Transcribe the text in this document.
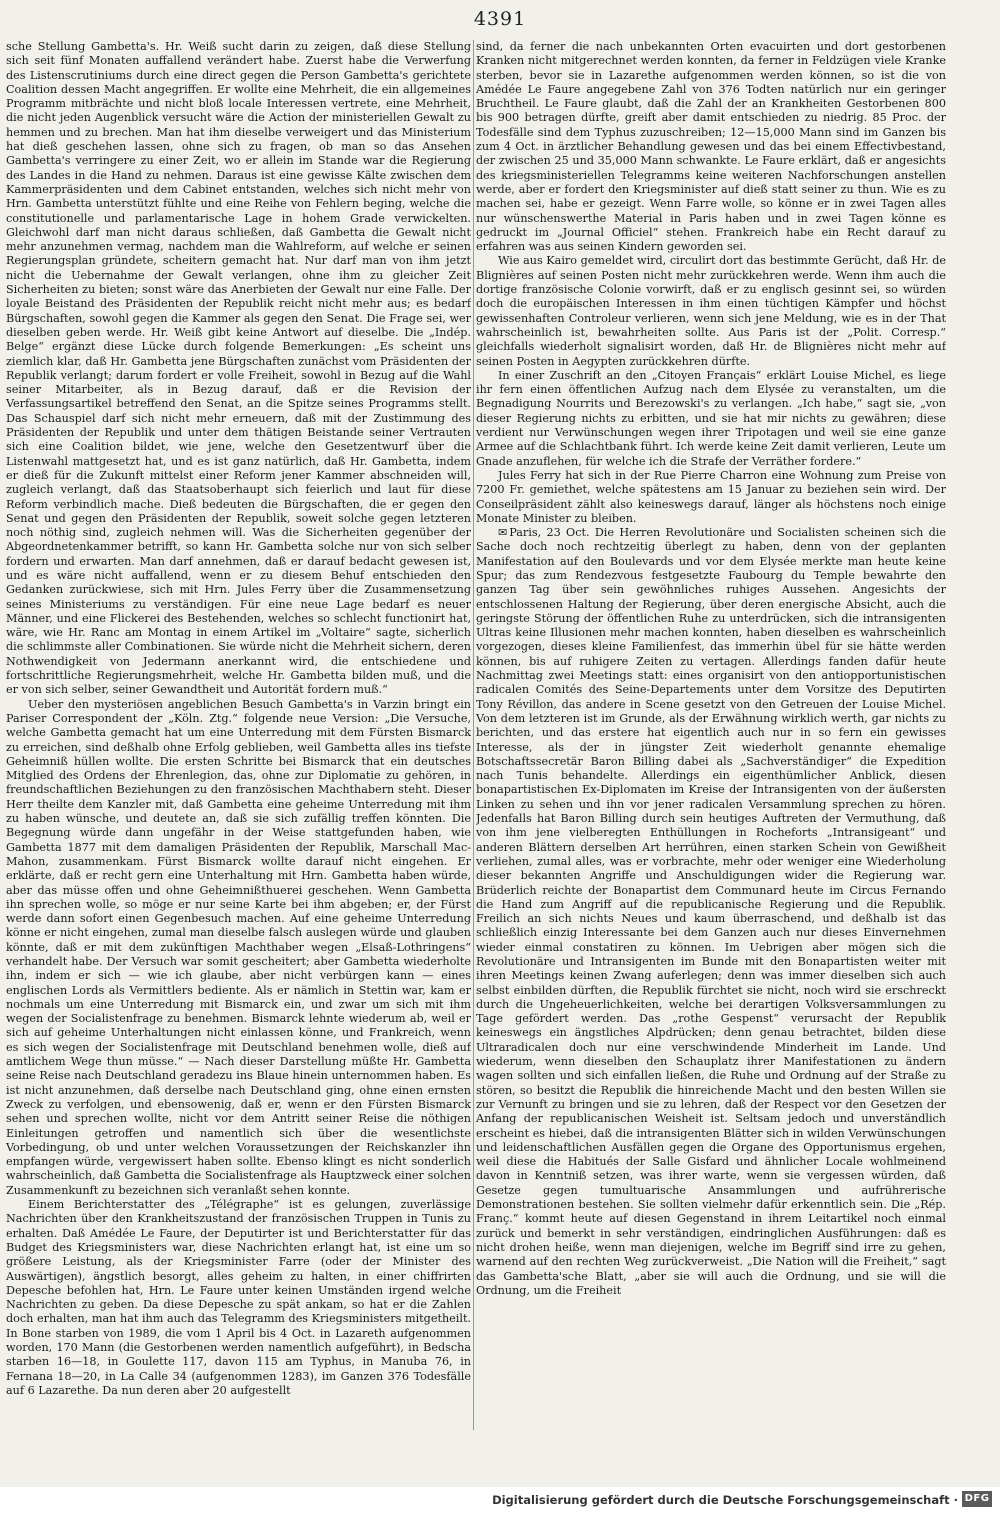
4391

sche Stellung Gambetta's. Hr. Weiß sucht darin zu zeigen, daß diese Stellung sich seit fünf Monaten auffallend verändert habe. Zuerst habe die Verwerfung des Listenscrutiniums durch eine direct gegen die Person Gambetta's gerichtete Coalition dessen Macht angegriffen. Er wollte eine Mehrheit, die ein allgemeines Programm mitbrächte und nicht bloß locale Interessen vertrete, eine Mehrheit, die nicht jeden Augenblick versucht wäre die Action der ministeriellen Gewalt zu hemmen und zu brechen. Man hat ihm dieselbe verweigert und das Ministerium hat dieß geschehen lassen, ohne sich zu fragen, ob man so das Ansehen Gambetta's verringere zu einer Zeit, wo er allein im Stande war die Regierung des Landes in die Hand zu nehmen. Daraus ist eine gewisse Kälte zwischen dem Kammerpräsidenten und dem Cabinet entstanden, welches sich nicht mehr von Hrn. Gambetta unterstützt fühlte und eine Reihe von Fehlern beging, welche die constitutionelle und parlamentarische Lage in hohem Grade verwickelten. Gleichwohl darf man nicht daraus schließen, daß Gambetta die Gewalt nicht mehr anzunehmen vermag, nachdem man die Wahlreform, auf welche er seinen Regierungsplan gründete, scheitern gemacht hat. Nur darf man von ihm jetzt nicht die Uebernahme der Gewalt verlangen, ohne ihm zu gleicher Zeit Sicherheiten zu bieten; sonst wäre das Anerbieten der Gewalt nur eine Falle. Der loyale Beistand des Präsidenten der Republik reicht nicht mehr aus; es bedarf Bürgschaften, sowohl gegen die Kammer als gegen den Senat. Die Frage sei, wer dieselben geben werde. Hr. Weiß gibt keine Antwort auf dieselbe. Die „Indép. Belge“ ergänzt diese Lücke durch folgende Bemerkungen: „Es scheint uns ziemlich klar, daß Hr. Gambetta jene Bürgschaften zunächst vom Präsidenten der Republik verlangt; darum fordert er volle Freiheit, sowohl in Bezug auf die Wahl seiner Mitarbeiter, als in Bezug darauf, daß er die Revision der Verfassungsartikel betreffend den Senat, an die Spitze seines Programms stellt. Das Schauspiel darf sich nicht mehr erneuern, daß mit der Zustimmung des Präsidenten der Republik und unter dem thätigen Beistande seiner Vertrauten sich eine Coalition bildet, wie jene, welche den Gesetzentwurf über die Listenwahl mattgesetzt hat, und es ist ganz natürlich, daß Hr. Gambetta, indem er dieß für die Zukunft mittelst einer Reform jener Kammer abschneiden will, zugleich verlangt, daß das Staatsoberhaupt sich feierlich und laut für diese Reform verbindlich mache. Dieß bedeuten die Bürgschaften, die er gegen den Senat und gegen den Präsidenten der Republik, soweit solche gegen letzteren noch nöthig sind, zugleich nehmen will. Was die Sicherheiten gegenüber der Abgeordnetenkammer betrifft, so kann Hr. Gambetta solche nur von sich selber fordern und erwarten. Man darf annehmen, daß er darauf bedacht gewesen ist, und es wäre nicht auffallend, wenn er zu diesem Behuf entschieden den Gedanken zurückwiese, sich mit Hrn. Jules Ferry über die Zusammensetzung seines Ministeriums zu verständigen. Für eine neue Lage bedarf es neuer Männer, und eine Flickerei des Bestehenden, welches so schlecht functionirt hat, wäre, wie Hr. Ranc am Montag in einem Artikel im „Voltaire“ sagte, sicherlich die schlimmste aller Combinationen. Sie würde nicht die Mehrheit sichern, deren Nothwendigkeit von Jedermann anerkannt wird, die entschiedene und fortschrittliche Regierungsmehrheit, welche Hr. Gambetta bilden muß, und die er von sich selber, seiner Gewandtheit und Autorität fordern muß.“

Ueber den mysteriösen angeblichen Besuch Gambetta's in Varzin bringt ein Pariser Correspondent der „Köln. Ztg.“ folgende neue Version: „Die Versuche, welche Gambetta gemacht hat um eine Unterredung mit dem Fürsten Bismarck zu erreichen, sind deßhalb ohne Erfolg geblieben, weil Gambetta alles ins tiefste Geheimniß hüllen wollte. Die ersten Schritte bei Bismarck that ein deutsches Mitglied des Ordens der Ehrenlegion, das, ohne zur Diplomatie zu gehören, in freundschaftlichen Beziehungen zu den französischen Machthabern steht. Dieser Herr theilte dem Kanzler mit, daß Gambetta eine geheime Unterredung mit ihm zu haben wünsche, und deutete an, daß sie sich zufällig treffen könnten. Die Begegnung würde dann ungefähr in der Weise stattgefunden haben, wie Gambetta 1877 mit dem damaligen Präsidenten der Republik, Marschall Mac-Mahon, zusammenkam. Fürst Bismarck wollte darauf nicht eingehen. Er erklärte, daß er recht gern eine Unterhaltung mit Hrn. Gambetta haben würde, aber das müsse offen und ohne Geheimnißthuerei geschehen. Wenn Gambetta ihn sprechen wolle, so möge er nur seine Karte bei ihm abgeben; er, der Fürst werde dann sofort einen Gegenbesuch machen. Auf eine geheime Unterredung könne er nicht eingehen, zumal man dieselbe falsch auslegen würde und glauben könnte, daß er mit dem zukünftigen Machthaber wegen „Elsaß-Lothringens“ verhandelt habe. Der Versuch war somit gescheitert; aber Gambetta wiederholte ihn, indem er sich — wie ich glaube, aber nicht verbürgen kann — eines englischen Lords als Vermittlers bediente. Als er nämlich in Stettin war, kam er nochmals um eine Unterredung mit Bismarck ein, und zwar um sich mit ihm wegen der Socialistenfrage zu benehmen. Bismarck lehnte wiederum ab, weil er sich auf geheime Unterhaltungen nicht einlassen könne, und Frankreich, wenn es sich wegen der Socialistenfrage mit Deutschland benehmen wolle, dieß auf amtlichem Wege thun müsse.“ — Nach dieser Darstellung müßte Hr. Gambetta seine Reise nach Deutschland geradezu ins Blaue hinein unternommen haben. Es ist nicht anzunehmen, daß derselbe nach Deutschland ging, ohne einen ernsten Zweck zu verfolgen, und ebensowenig, daß er, wenn er den Fürsten Bismarck sehen und sprechen wollte, nicht vor dem Antritt seiner Reise die nöthigen Einleitungen getroffen und namentlich sich über die wesentlichste Vorbedingung, ob und unter welchen Voraussetzungen der Reichskanzler ihn empfangen würde, vergewissert haben sollte. Ebenso klingt es nicht sonderlich wahrscheinlich, daß Gambetta die Socialistenfrage als Hauptzweck einer solchen Zusammenkunft zu bezeichnen sich veranlaßt sehen konnte.

Einem Berichterstatter des „Télégraphe“ ist es gelungen, zuverlässige Nachrichten über den Krankheitszustand der französischen Truppen in Tunis zu erhalten. Daß Amédée Le Faure, der Deputirter ist und Berichterstatter für das Budget des Kriegsministers war, diese Nachrichten erlangt hat, ist eine um so größere Leistung, als der Kriegsminister Farre (oder der Minister des Auswärtigen), ängstlich besorgt, alles geheim zu halten, in einer chiffrirten Depesche befohlen hat, Hrn. Le Faure unter keinen Umständen irgend welche Nachrichten zu geben. Da diese Depesche zu spät ankam, so hat er die Zahlen doch erhalten, man hat ihm auch das Telegramm des Kriegsministers mitgetheilt. In Bone starben von 1989, die vom 1 April bis 4 Oct. in Lazareth aufgenommen worden, 170 Mann (die Gestorbenen werden namentlich aufgeführt), in Bedscha starben 16—18, in Goulette 117, davon 115 am Typhus, in Manuba 76, in Fernana 18—20, in La Calle 34 (aufgenommen 1283), im Ganzen 376 Todesfälle auf 6 Lazarethe. Da nun deren aber 20 aufgestellt

sind, da ferner die nach unbekannten Orten evacuirten und dort gestorbenen Kranken nicht mitgerechnet werden konnten, da ferner in Feldzügen viele Kranke sterben, bevor sie in Lazarethe aufgenommen werden können, so ist die von Amédée Le Faure angegebene Zahl von 376 Todten natürlich nur ein geringer Bruchtheil. Le Faure glaubt, daß die Zahl der an Krankheiten Gestorbenen 800 bis 900 betragen dürfte, greift aber damit entschieden zu niedrig. 85 Proc. der Todesfälle sind dem Typhus zuzuschreiben; 12—15,000 Mann sind im Ganzen bis zum 4 Oct. in ärztlicher Behandlung gewesen und das bei einem Effectivbestand, der zwischen 25 und 35,000 Mann schwankte. Le Faure erklärt, daß er angesichts des kriegsministeriellen Telegramms keine weiteren Nachforschungen anstellen werde, aber er fordert den Kriegsminister auf dieß statt seiner zu thun. Wie es zu machen sei, habe er gezeigt. Wenn Farre wolle, so könne er in zwei Tagen alles nur wünschenswerthe Material in Paris haben und in zwei Tagen könne es gedruckt im „Journal Officiel“ stehen. Frankreich habe ein Recht darauf zu erfahren was aus seinen Kindern geworden sei.

Wie aus Kairo gemeldet wird, circulirt dort das bestimmte Gerücht, daß Hr. de Blignières auf seinen Posten nicht mehr zurückkehren werde. Wenn ihm auch die dortige französische Colonie vorwirft, daß er zu englisch gesinnt sei, so würden doch die europäischen Interessen in ihm einen tüchtigen Kämpfer und höchst gewissenhaften Controleur verlieren, wenn sich jene Meldung, wie es in der That wahrscheinlich ist, bewahrheiten sollte. Aus Paris ist der „Polit. Corresp.“ gleichfalls wiederholt signalisirt worden, daß Hr. de Blignières nicht mehr auf seinen Posten in Aegypten zurückkehren dürfte.

In einer Zuschrift an den „Citoyen Français“ erklärt Louise Michel, es liege ihr fern einen öffentlichen Aufzug nach dem Elysée zu veranstalten, um die Begnadigung Nourrits und Berezowski's zu verlangen. „Ich habe,“ sagt sie, „von dieser Regierung nichts zu erbitten, und sie hat mir nichts zu gewähren; diese verdient nur Verwünschungen wegen ihrer Tripotagen und weil sie eine ganze Armee auf die Schlachtbank führt. Ich werde keine Zeit damit verlieren, Leute um Gnade anzuflehen, für welche ich die Strafe der Verräther fordere.“

Jules Ferry hat sich in der Rue Pierre Charron eine Wohnung zum Preise von 7200 Fr. gemiethet, welche spätestens am 15 Januar zu beziehen sein wird. Der Conseilpräsident zählt also keineswegs darauf, länger als höchstens noch einige Monate Minister zu bleiben.

✉ Paris, 23 Oct. Die Herren Revolutionäre und Socialisten scheinen sich die Sache doch noch rechtzeitig überlegt zu haben, denn von der geplanten Manifestation auf den Boulevards und vor dem Elysée merkte man heute keine Spur; das zum Rendezvous festgesetzte Faubourg du Temple bewahrte den ganzen Tag über sein gewöhnliches ruhiges Aussehen. Angesichts der entschlossenen Haltung der Regierung, über deren energische Absicht, auch die geringste Störung der öffentlichen Ruhe zu unterdrücken, sich die intransigenten Ultras keine Illusionen mehr machen konnten, haben dieselben es wahrscheinlich vorgezogen, dieses kleine Familienfest, das immerhin übel für sie hätte werden können, bis auf ruhigere Zeiten zu vertagen. Allerdings fanden dafür heute Nachmittag zwei Meetings statt: eines organisirt von den antiopportunistischen radicalen Comités des Seine-Departements unter dem Vorsitze des Deputirten Tony Révillon, das andere in Scene gesetzt von den Getreuen der Louise Michel. Von dem letzteren ist im Grunde, als der Erwähnung wirklich werth, gar nichts zu berichten, und das erstere hat eigentlich auch nur in so fern ein gewisses Interesse, als der in jüngster Zeit wiederholt genannte ehemalige Botschaftssecretär Baron Billing dabei als „Sachverständiger“ die Expedition nach Tunis behandelte. Allerdings ein eigenthümlicher Anblick, diesen bonapartistischen Ex-Diplomaten im Kreise der Intransigenten von der äußersten Linken zu sehen und ihn vor jener radicalen Versammlung sprechen zu hören. Jedenfalls hat Baron Billing durch sein heutiges Auftreten der Vermuthung, daß von ihm jene vielberegten Enthüllungen in Rocheforts „Intransigeant“ und anderen Blättern derselben Art herrühren, einen starken Schein von Gewißheit verliehen, zumal alles, was er vorbrachte, mehr oder weniger eine Wiederholung dieser bekannten Angriffe und Anschuldigungen wider die Regierung war. Brüderlich reichte der Bonapartist dem Communard heute im Circus Fernando die Hand zum Angriff auf die republicanische Regierung und die Republik. Freilich an sich nichts Neues und kaum überraschend, und deßhalb ist das schließlich einzig Interessante bei dem Ganzen auch nur dieses Einvernehmen wieder einmal constatiren zu können. Im Uebrigen aber mögen sich die Revolutionäre und Intransigenten im Bunde mit den Bonapartisten weiter mit ihren Meetings keinen Zwang auferlegen; denn was immer dieselben sich auch selbst einbilden dürften, die Republik fürchtet sie nicht, noch wird sie erschreckt durch die Ungeheuerlichkeiten, welche bei derartigen Volksversammlungen zu Tage gefördert werden. Das „rothe Gespenst“ verursacht der Republik keineswegs ein ängstliches Alpdrücken; denn genau betrachtet, bilden diese Ultraradicalen doch nur eine verschwindende Minderheit im Lande. Und wiederum, wenn dieselben den Schauplatz ihrer Manifestationen zu ändern wagen sollten und sich einfallen ließen, die Ruhe und Ordnung auf der Straße zu stören, so besitzt die Republik die hinreichende Macht und den besten Willen sie zur Vernunft zu bringen und sie zu lehren, daß der Respect vor den Gesetzen der Anfang der republicanischen Weisheit ist. Seltsam jedoch und unverständlich erscheint es hiebei, daß die intransigenten Blätter sich in wilden Verwünschungen und leidenschaftlichen Ausfällen gegen die Organe des Opportunismus ergehen, weil diese die Habitués der Salle Gisfard und ähnlicher Locale wohlmeinend davon in Kenntniß setzen, was ihrer warte, wenn sie vergessen würden, daß Gesetze gegen tumultuarische Ansammlungen und aufrührerische Demonstrationen bestehen. Sie sollten vielmehr dafür erkenntlich sein. Die „Rép. Franç.“ kommt heute auf diesen Gegenstand in ihrem Leitartikel noch einmal zurück und bemerkt in sehr verständigen, eindringlichen Ausführungen: daß es nicht drohen heiße, wenn man diejenigen, welche im Begriff sind irre zu gehen, warnend auf den rechten Weg zurückverweist. „Die Nation will die Freiheit,“ sagt das Gambetta'sche Blatt, „aber sie will auch die Ordnung, und sie will die Ordnung, um die Freiheit

Digitalisierung gefördert durch die Deutsche Forschungsgemeinschaft · DFG
